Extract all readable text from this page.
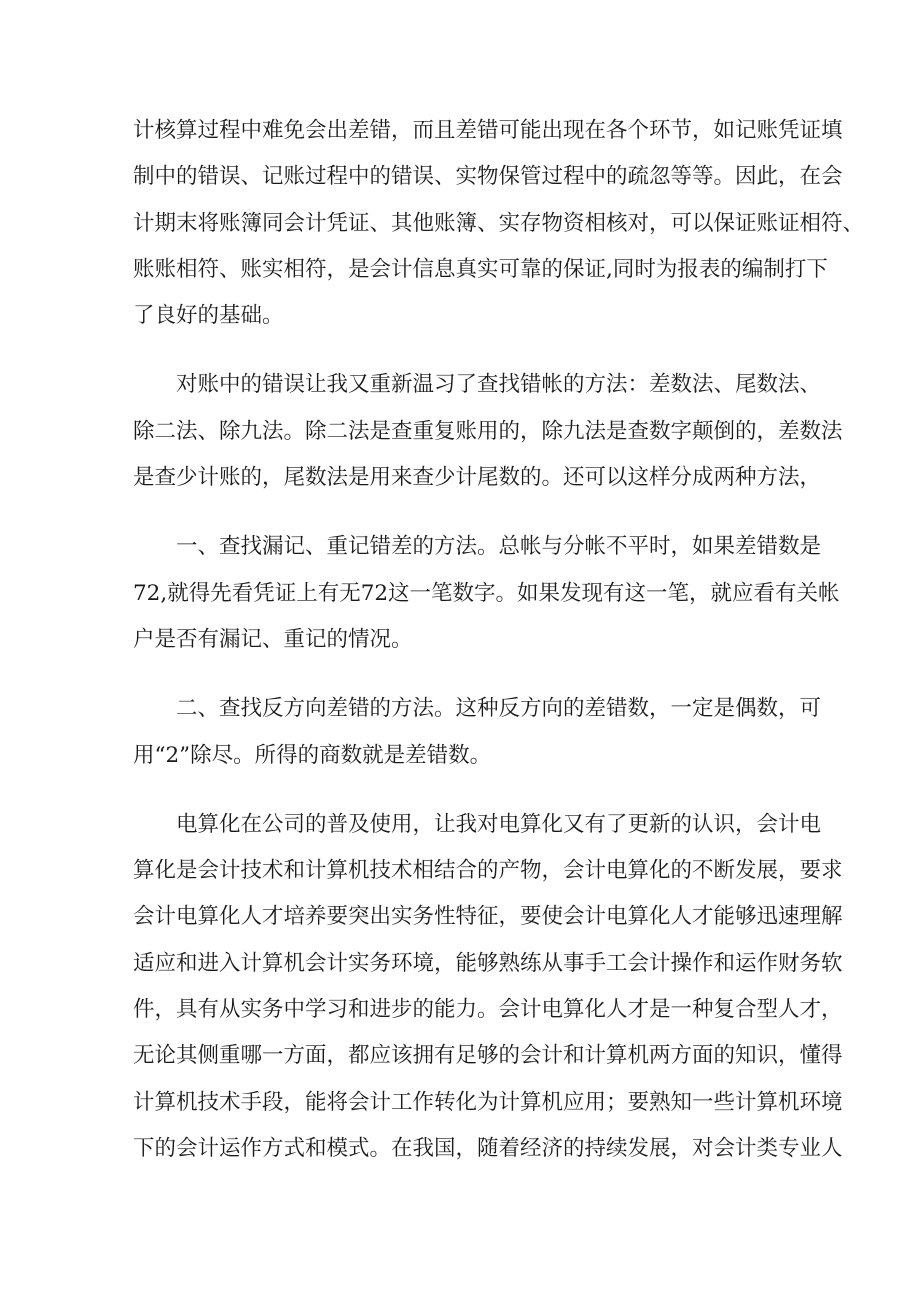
计核算过程中难免会出差错，而且差错可能出现在各个环节，如记账凭证填
制中的错误、记账过程中的错误、实物保管过程中的疏忽等等。因此，在会
计期末将账簿同会计凭证、其他账簿、实存物资相核对，可以保证账证相符、
账账相符、账实相符，是会计信息真实可靠的保证,同时为报表的编制打下
了良好的基础。
对账中的错误让我又重新温习了查找错帐的方法：差数法、尾数法、
除二法、除九法。除二法是查重复账用的，除九法是查数字颠倒的，差数法
是查少计账的，尾数法是用来查少计尾数的。还可以这样分成两种方法，
一、查找漏记、重记错差的方法。总帐与分帐不平时，如果差错数是
72,就得先看凭证上有无72这一笔数字。如果发现有这一笔，就应看有关帐
户是否有漏记、重记的情况。
二、查找反方向差错的方法。这种反方向的差错数，一定是偶数，可
用“2”除尽。所得的商数就是差错数。
电算化在公司的普及使用，让我对电算化又有了更新的认识，会计电
算化是会计技术和计算机技术相结合的产物，会计电算化的不断发展，要求
会计电算化人才培养要突出实务性特征，要使会计电算化人才能够迅速理解
适应和进入计算机会计实务环境，能够熟练从事手工会计操作和运作财务软
件，具有从实务中学习和进步的能力。会计电算化人才是一种复合型人才，
无论其侧重哪一方面，都应该拥有足够的会计和计算机两方面的知识，懂得
计算机技术手段，能将会计工作转化为计算机应用；要熟知一些计算机环境
下的会计运作方式和模式。在我国，随着经济的持续发展，对会计类专业人
